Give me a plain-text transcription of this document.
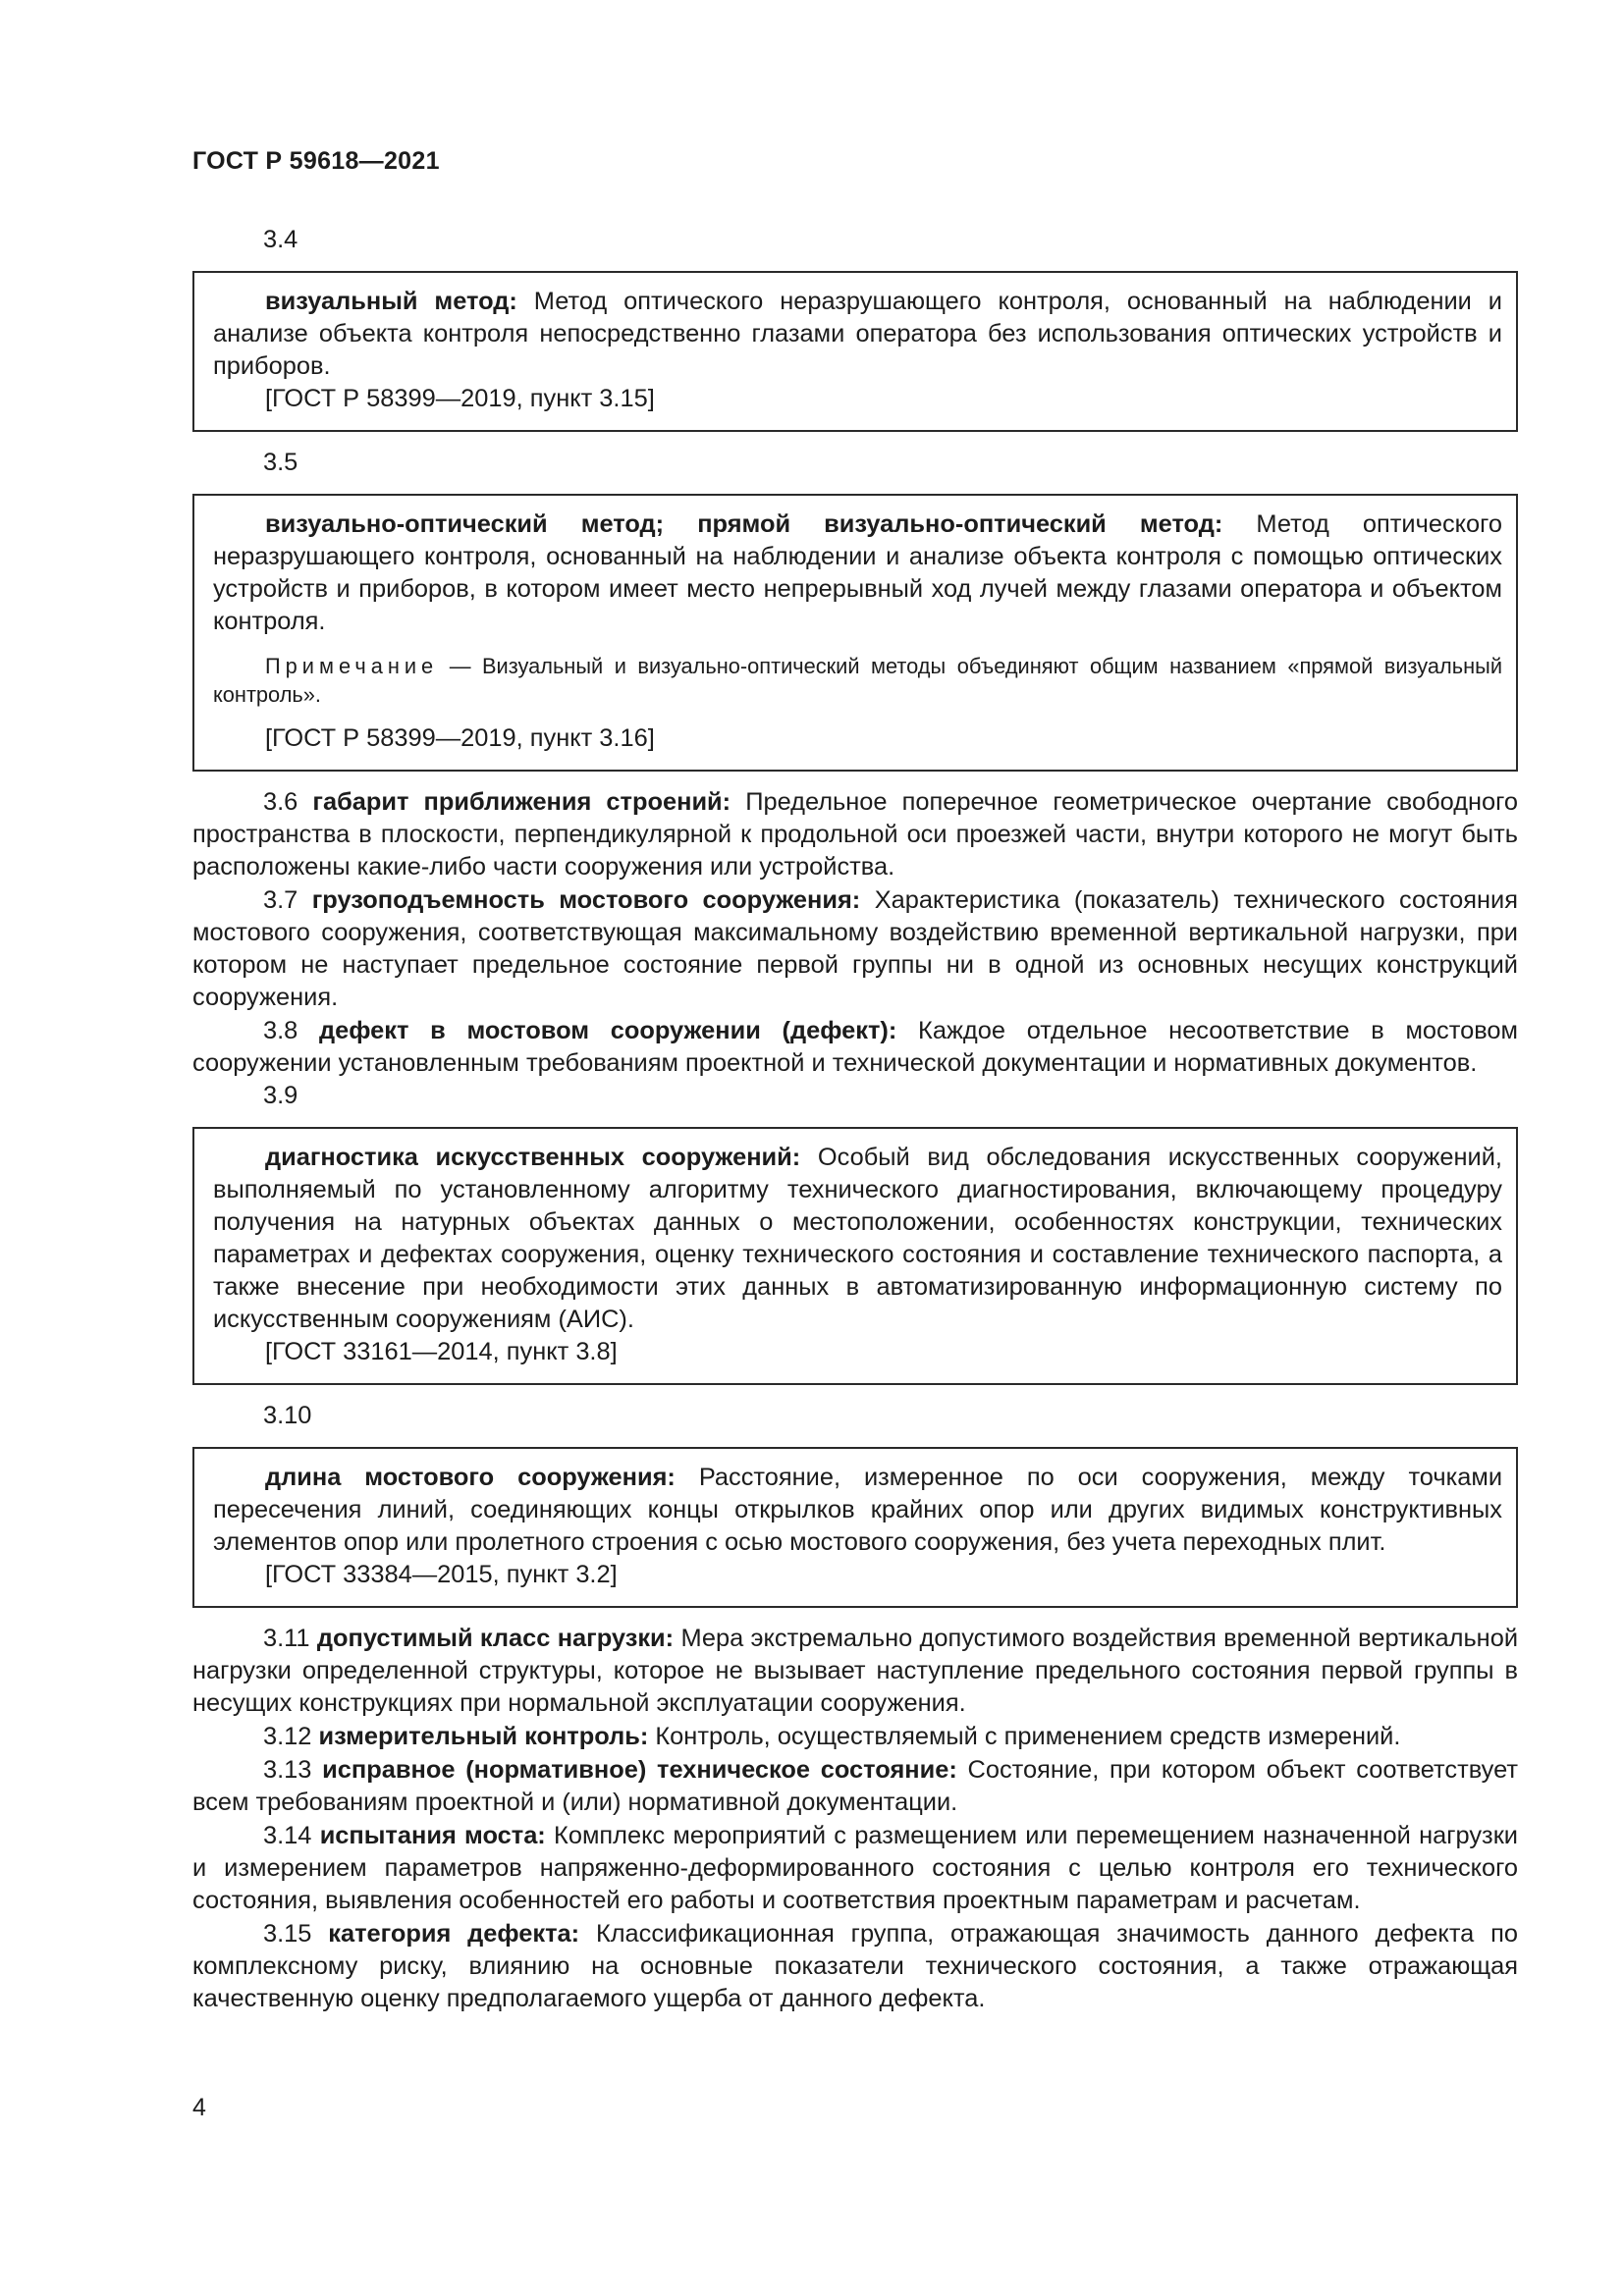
ГОСТ Р 59618—2021
3.4

визуальный метод: Метод оптического неразрушающего контроля, основанный на наблюдении и анализе объекта контроля непосредственно глазами оператора без использования оптических устройств и приборов.

[ГОСТ Р 58399—2019, пункт 3.15]

3.5

визуально-оптический метод; прямой визуально-оптический метод: Метод оптического неразрушающего контроля, основанный на наблюдении и анализе объекта контроля с помощью оптических устройств и приборов, в котором имеет место непрерывный ход лучей между глазами оператора и объектом контроля.

Примечание — Визуальный и визуально-оптический методы объединяют общим названием «прямой визуальный контроль».

[ГОСТ Р 58399—2019, пункт 3.16]

3.6 габарит приближения строений: Предельное поперечное геометрическое очертание свободного пространства в плоскости, перпендикулярной к продольной оси проезжей части, внутри которого не могут быть расположены какие-либо части сооружения или устройства.

3.7 грузоподъемность мостового сооружения: Характеристика (показатель) технического состояния мостового сооружения, соответствующая максимальному воздействию временной вертикальной нагрузки, при котором не наступает предельное состояние первой группы ни в одной из основных несущих конструкций сооружения.

3.8 дефект в мостовом сооружении (дефект): Каждое отдельное несоответствие в мостовом сооружении установленным требованиям проектной и технической документации и нормативных документов.

3.9

диагностика искусственных сооружений: Особый вид обследования искусственных сооружений, выполняемый по установленному алгоритму технического диагностирования, включающему процедуру получения на натурных объектах данных о местоположении, особенностях конструкции, технических параметрах и дефектах сооружения, оценку технического состояния и составление технического паспорта, а также внесение при необходимости этих данных в автоматизированную информационную систему по искусственным сооружениям (АИС).

[ГОСТ 33161—2014, пункт 3.8]

3.10

длина мостового сооружения: Расстояние, измеренное по оси сооружения, между точками пересечения линий, соединяющих концы открылков крайних опор или других видимых конструктивных элементов опор или пролетного строения с осью мостового сооружения, без учета переходных плит.

[ГОСТ 33384—2015, пункт 3.2]

3.11 допустимый класс нагрузки: Мера экстремально допустимого воздействия временной вертикальной нагрузки определенной структуры, которое не вызывает наступление предельного состояния первой группы в несущих конструкциях при нормальной эксплуатации сооружения.

3.12 измерительный контроль: Контроль, осуществляемый с применением средств измерений.

3.13 исправное (нормативное) техническое состояние: Состояние, при котором объект соответствует всем требованиям проектной и (или) нормативной документации.

3.14 испытания моста: Комплекс мероприятий с размещением или перемещением назначенной нагрузки и измерением параметров напряженно-деформированного состояния с целью контроля его технического состояния, выявления особенностей его работы и соответствия проектным параметрам и расчетам.

3.15 категория дефекта: Классификационная группа, отражающая значимость данного дефекта по комплексному риску, влиянию на основные показатели технического состояния, а также отражающая качественную оценку предполагаемого ущерба от данного дефекта.

4
